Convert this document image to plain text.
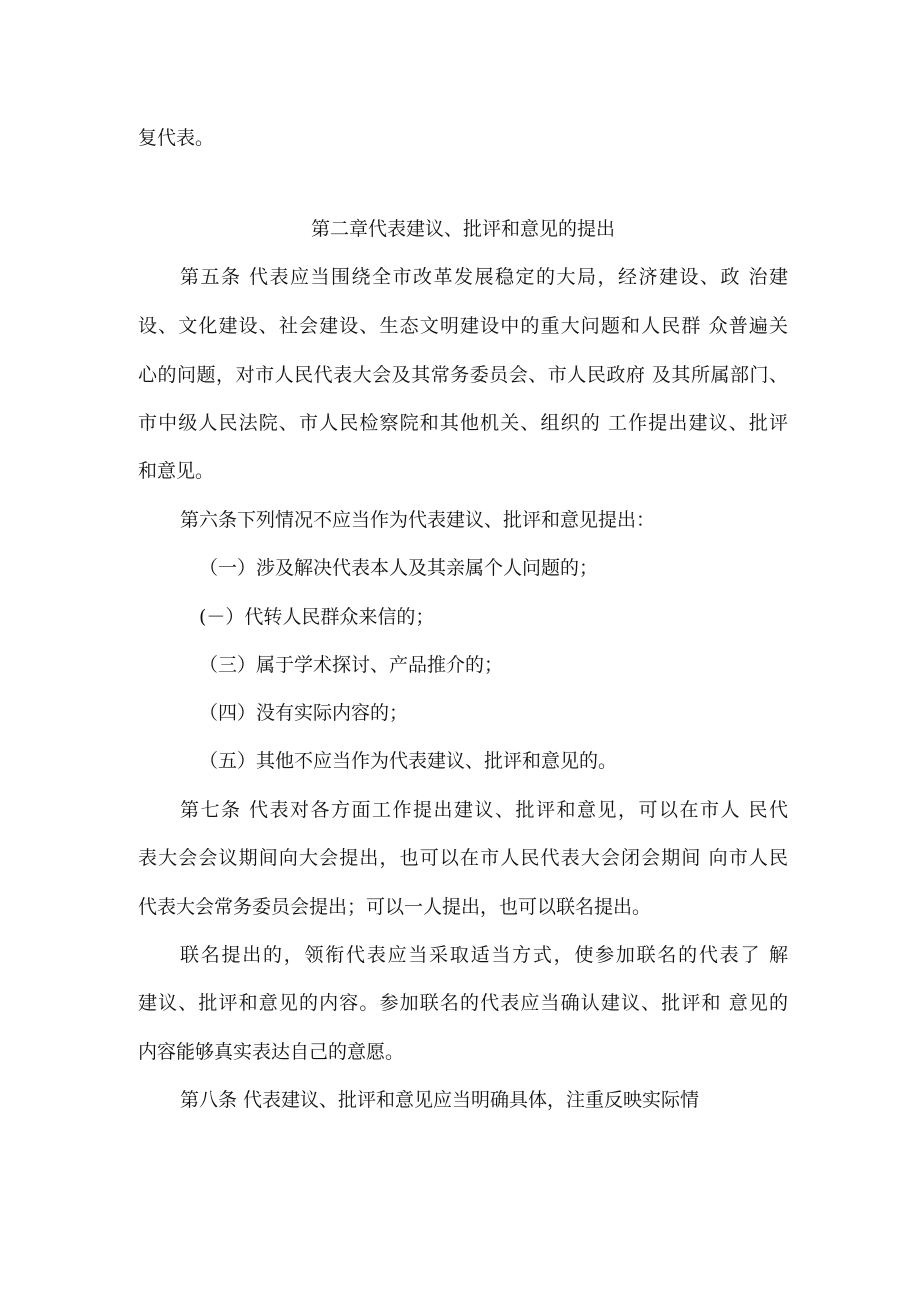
复代表。
第二章代表建议、批评和意见的提出
第五条 代表应当围绕全市改革发展稳定的大局，经济建设、政 治建
设、文化建设、社会建设、生态文明建设中的重大问题和人民群 众普遍关
心的问题，对市人民代表大会及其常务委员会、市人民政府 及其所属部门、
市中级人民法院、市人民检察院和其他机关、组织的 工作提出建议、批评
和意见。
第六条下列情况不应当作为代表建议、批评和意见提出：
（一）涉及解决代表本人及其亲属个人问题的；
(－）代转人民群众来信的；
（三）属于学术探讨、产品推介的；
（四）没有实际内容的；
（五）其他不应当作为代表建议、批评和意见的。
第七条 代表对各方面工作提出建议、批评和意见，可以在市人 民代
表大会会议期间向大会提出，也可以在市人民代表大会闭会期间 向市人民
代表大会常务委员会提出；可以一人提出，也可以联名提出。
联名提出的，领衔代表应当采取适当方式，使参加联名的代表了 解
建议、批评和意见的内容。参加联名的代表应当确认建议、批评和 意见的
内容能够真实表达自己的意愿。
第八条 代表建议、批评和意见应当明确具体，注重反映实际情
